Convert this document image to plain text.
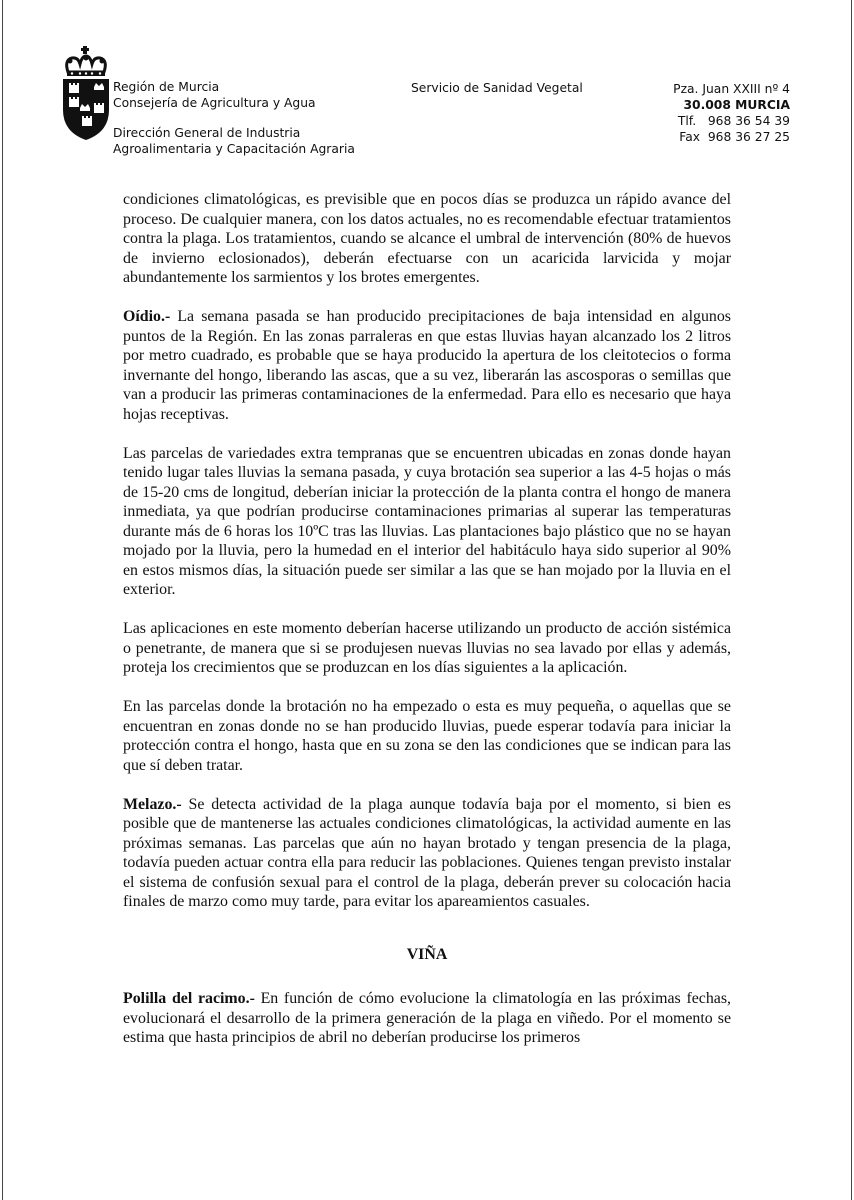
Región de Murcia
Consejería de Agricultura y Agua
Dirección General de Industria
Agroalimentaria y Capacitación Agraria
Servicio de Sanidad Vegetal	Pza. Juan XXIII nº 4
30.008 MURCIA
Tlf.   968 36 54 39
Fax  968 36 27 25

condiciones climatológicas, es previsible que en pocos días se produzca un rápido avance del proceso. De cualquier manera, con los datos actuales, no es recomendable efectuar tratamientos contra la plaga. Los tratamientos, cuando se alcance el umbral de intervención (80% de huevos de invierno eclosionados), deberán efectuarse con un acaricida larvicida y mojar abundantemente los sarmientos y los brotes emergentes.

Oídio.- La semana pasada se han producido precipitaciones de baja intensidad en algunos puntos de la Región. En las zonas parraleras en que estas lluvias hayan alcanzado los 2 litros por metro cuadrado, es probable que se haya producido la apertura de los cleitotecios o forma invernante del hongo, liberando las ascas, que a su vez, liberarán las ascosporas o semillas que van a producir las primeras contaminaciones de la enfermedad. Para ello es necesario que haya hojas receptivas.

Las parcelas de variedades extra tempranas que se encuentren ubicadas en zonas donde hayan tenido lugar tales lluvias la semana pasada, y cuya brotación sea superior a las 4-5 hojas o más de 15-20 cms de longitud, deberían iniciar la protección de la planta contra el hongo de manera inmediata, ya que podrían producirse contaminaciones primarias al superar las temperaturas durante más de 6 horas los 10ºC tras las lluvias. Las plantaciones bajo plástico que no se hayan mojado por la lluvia, pero la humedad en el interior del habitáculo haya sido superior al 90% en estos mismos días, la situación puede ser similar a las que se han mojado por la lluvia en el exterior.

Las aplicaciones en este momento deberían hacerse utilizando un producto de acción sistémica o penetrante, de manera que si se produjesen nuevas lluvias no sea lavado por ellas y además, proteja los crecimientos que se produzcan en los días siguientes a la aplicación.

En las parcelas donde la brotación no ha empezado o esta es muy pequeña, o aquellas que se encuentran en zonas donde no se han producido lluvias, puede esperar todavía para iniciar la protección contra el hongo, hasta que en su zona se den las condiciones que se indican para las que sí deben tratar.

Melazo.- Se detecta actividad de la plaga aunque todavía baja por el momento, si bien es posible que de mantenerse las actuales condiciones climatológicas, la actividad aumente en las próximas semanas. Las parcelas que aún no hayan brotado y tengan presencia de la plaga, todavía pueden actuar contra ella para reducir las poblaciones. Quienes tengan previsto instalar el sistema de confusión sexual para el control de la plaga, deberán prever su colocación hacia finales de marzo como muy tarde, para evitar los apareamientos casuales.

VIÑA

Polilla del racimo.- En función de cómo evolucione la climatología en las próximas fechas, evolucionará el desarrollo de la primera generación de la plaga en viñedo. Por el momento se estima que hasta principios de abril no deberían producirse los primeros
